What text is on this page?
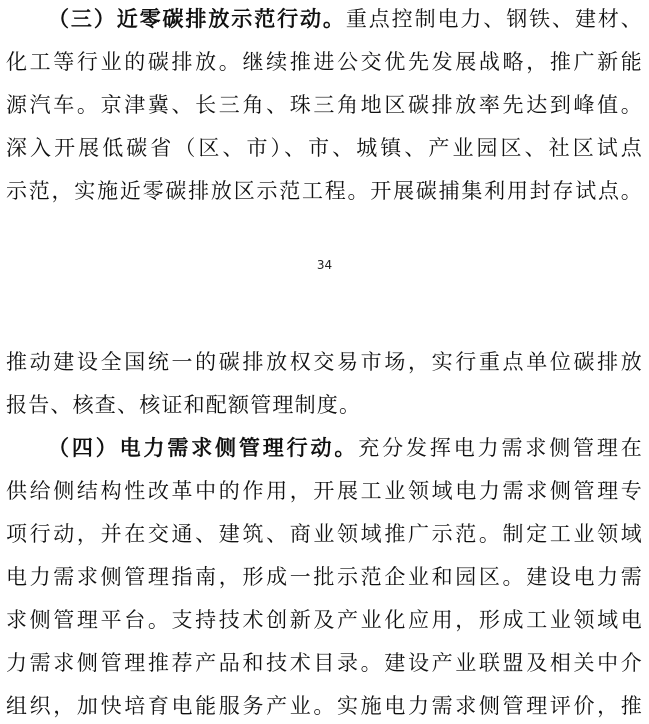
（三）近零碳排放示范行动。重点控制电力、钢铁、建材、
化工等行业的碳排放。继续推进公交优先发展战略，推广新能
源汽车。京津冀、长三角、珠三角地区碳排放率先达到峰值。
深入开展低碳省（区、市）、市、城镇、产业园区、社区试点
示范，实施近零碳排放区示范工程。开展碳捕集利用封存试点。
34
推动建设全国统一的碳排放权交易市场，实行重点单位碳排放
报告、核查、核证和配额管理制度。
（四）电力需求侧管理行动。充分发挥电力需求侧管理在
供给侧结构性改革中的作用，开展工业领域电力需求侧管理专
项行动，并在交通、建筑、商业领域推广示范。制定工业领域
电力需求侧管理指南，形成一批示范企业和园区。建设电力需
求侧管理平台。支持技术创新及产业化应用，形成工业领域电
力需求侧管理推荐产品和技术目录。建设产业联盟及相关中介
组织，加快培育电能服务产业。实施电力需求侧管理评价，推
